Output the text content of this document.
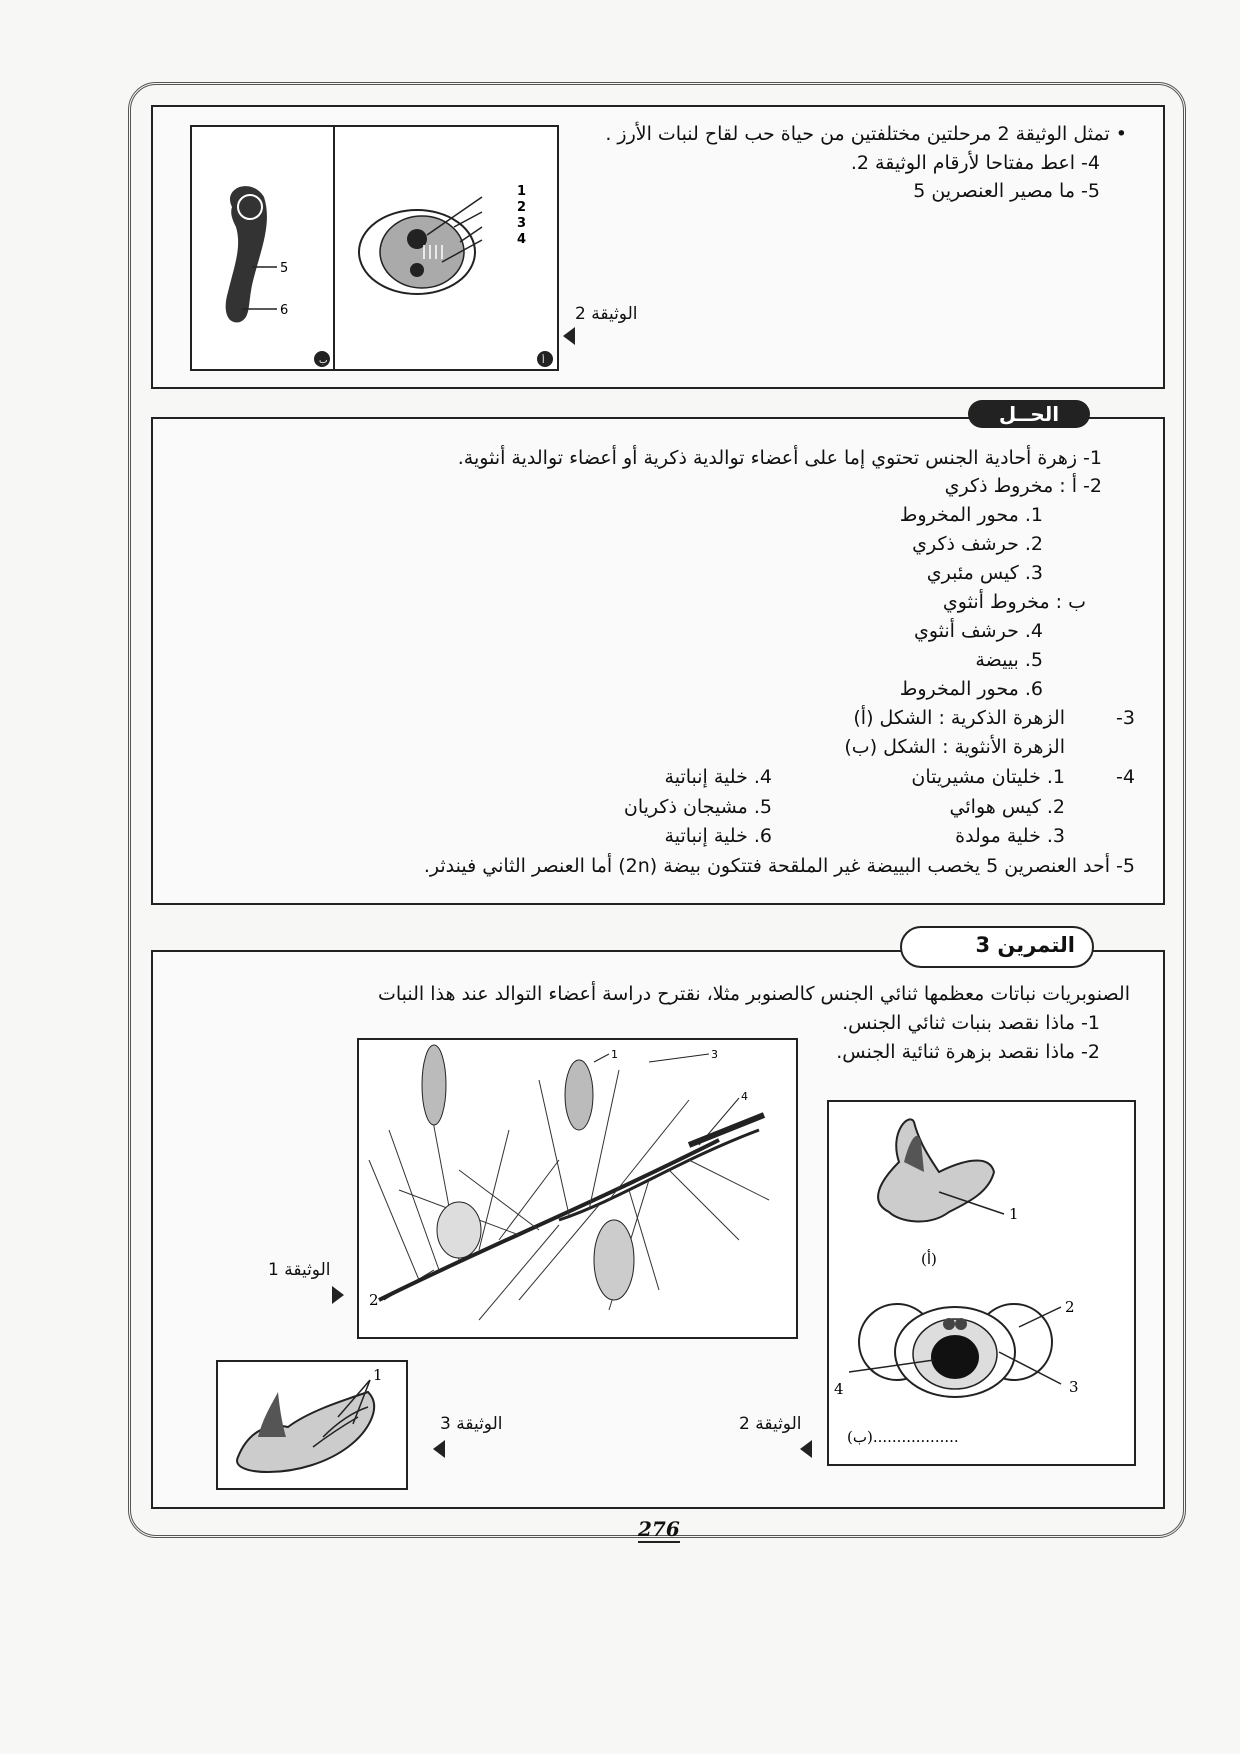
• تمثل الوثيقة 2 مرحلتين مختلفتين من حياة حب لقاح لنبات الأرز .
4- اعط مفتاحا لأرقام الوثيقة 2.
5- ما مصير العنصرين 5
5
6
1
2
3
4
ب	أ
الوثيقة 2
الحــل
1- زهرة أحادية الجنس تحتوي إما على أعضاء توالدية ذكرية أو أعضاء توالدية أنثوية.
2- أ : مخروط ذكري
1. محور المخروط
2. حرشف ذكري
3. كيس مئبري
ب : مخروط أنثوي
4. حرشف أنثوي
5. بييضة
6. محور المخروط
3-
الزهرة الذكرية : الشكل (أ)
الزهرة الأنثوية : الشكل (ب)
4-
1. خليتان مشيريتان
2. كيس هوائي
3. خلية مولدة
4. خلية إنباتية
5. مشيجان ذكريان
6. خلية إنباتية
5- أحد العنصرين 5 يخصب البييضة غير الملقحة فتتكون بيضة (2n) أما العنصر الثاني فيندثر.
التمرين 3
الصنوبريات نباتات معظمها ثنائي الجنس كالصنوبر مثلا، نقترح دراسة أعضاء التوالد عند هذا النبات
1- ماذا نقصد بنبات ثنائي الجنس.
2- ماذا نقصد بزهرة ثنائية الجنس.
1
2
3
4
الوثيقة 1
1
(أ)
2
3
4
(ب)..................
الوثيقة 2
1
الوثيقة 3
276
